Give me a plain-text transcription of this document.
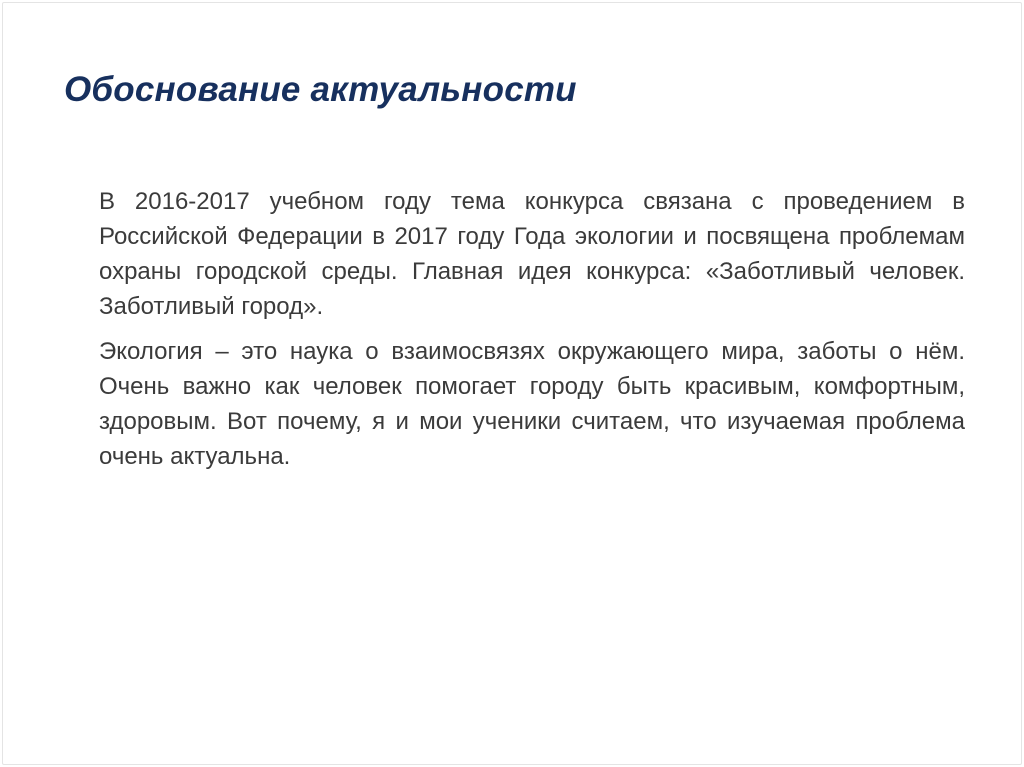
Обоснование актуальности

В 2016-2017 учебном году тема конкурса связана с проведением в Российской Федерации в 2017 году Года экологии и посвящена проблемам охраны городской среды. Главная идея конкурса: «Заботливый человек. Заботливый город».

Экология – это наука о взаимосвязях окружающего мира, заботы о нём. Очень важно как человек помогает городу быть красивым, комфортным, здоровым. Вот почему, я и мои ученики считаем, что изучаемая проблема очень актуальна.
